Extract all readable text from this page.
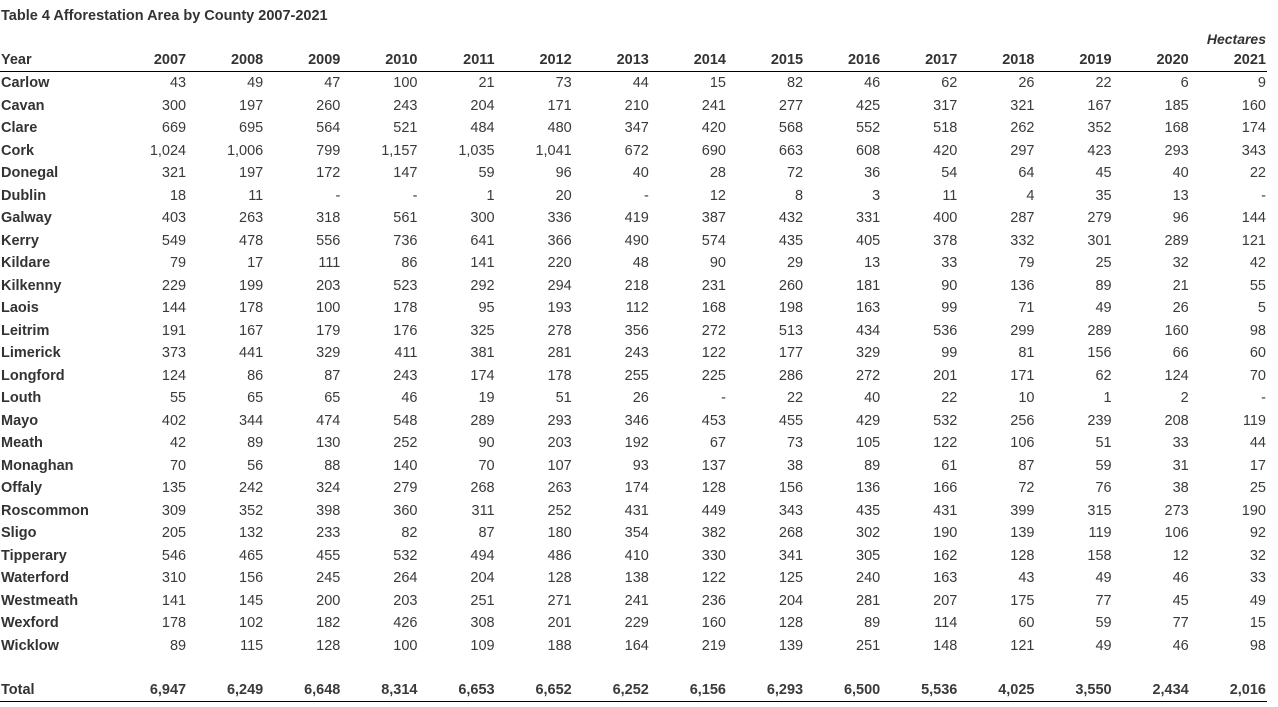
Table 4 Afforestation Area by County 2007-2021
Hectares
Year	2007	2008	2009	2010	2011	2012	2013	2014	2015	2016	2017	2018	2019	2020	2021
Carlow	43	49	47	100	21	73	44	15	82	46	62	26	22	6	9
Cavan	300	197	260	243	204	171	210	241	277	425	317	321	167	185	160
Clare	669	695	564	521	484	480	347	420	568	552	518	262	352	168	174
Cork	1,024	1,006	799	1,157	1,035	1,041	672	690	663	608	420	297	423	293	343
Donegal	321	197	172	147	59	96	40	28	72	36	54	64	45	40	22
Dublin	18	11	-	-	1	20	-	12	8	3	11	4	35	13	-
Galway	403	263	318	561	300	336	419	387	432	331	400	287	279	96	144
Kerry	549	478	556	736	641	366	490	574	435	405	378	332	301	289	121
Kildare	79	17	111	86	141	220	48	90	29	13	33	79	25	32	42
Kilkenny	229	199	203	523	292	294	218	231	260	181	90	136	89	21	55
Laois	144	178	100	178	95	193	112	168	198	163	99	71	49	26	5
Leitrim	191	167	179	176	325	278	356	272	513	434	536	299	289	160	98
Limerick	373	441	329	411	381	281	243	122	177	329	99	81	156	66	60
Longford	124	86	87	243	174	178	255	225	286	272	201	171	62	124	70
Louth	55	65	65	46	19	51	26	-	22	40	22	10	1	2	-
Mayo	402	344	474	548	289	293	346	453	455	429	532	256	239	208	119
Meath	42	89	130	252	90	203	192	67	73	105	122	106	51	33	44
Monaghan	70	56	88	140	70	107	93	137	38	89	61	87	59	31	17
Offaly	135	242	324	279	268	263	174	128	156	136	166	72	76	38	25
Roscommon	309	352	398	360	311	252	431	449	343	435	431	399	315	273	190
Sligo	205	132	233	82	87	180	354	382	268	302	190	139	119	106	92
Tipperary	546	465	455	532	494	486	410	330	341	305	162	128	158	12	32
Waterford	310	156	245	264	204	128	138	122	125	240	163	43	49	46	33
Westmeath	141	145	200	203	251	271	241	236	204	281	207	175	77	45	49
Wexford	178	102	182	426	308	201	229	160	128	89	114	60	59	77	15
Wicklow	89	115	128	100	109	188	164	219	139	251	148	121	49	46	98

Total	6,947	6,249	6,648	8,314	6,653	6,652	6,252	6,156	6,293	6,500	5,536	4,025	3,550	2,434	2,016
